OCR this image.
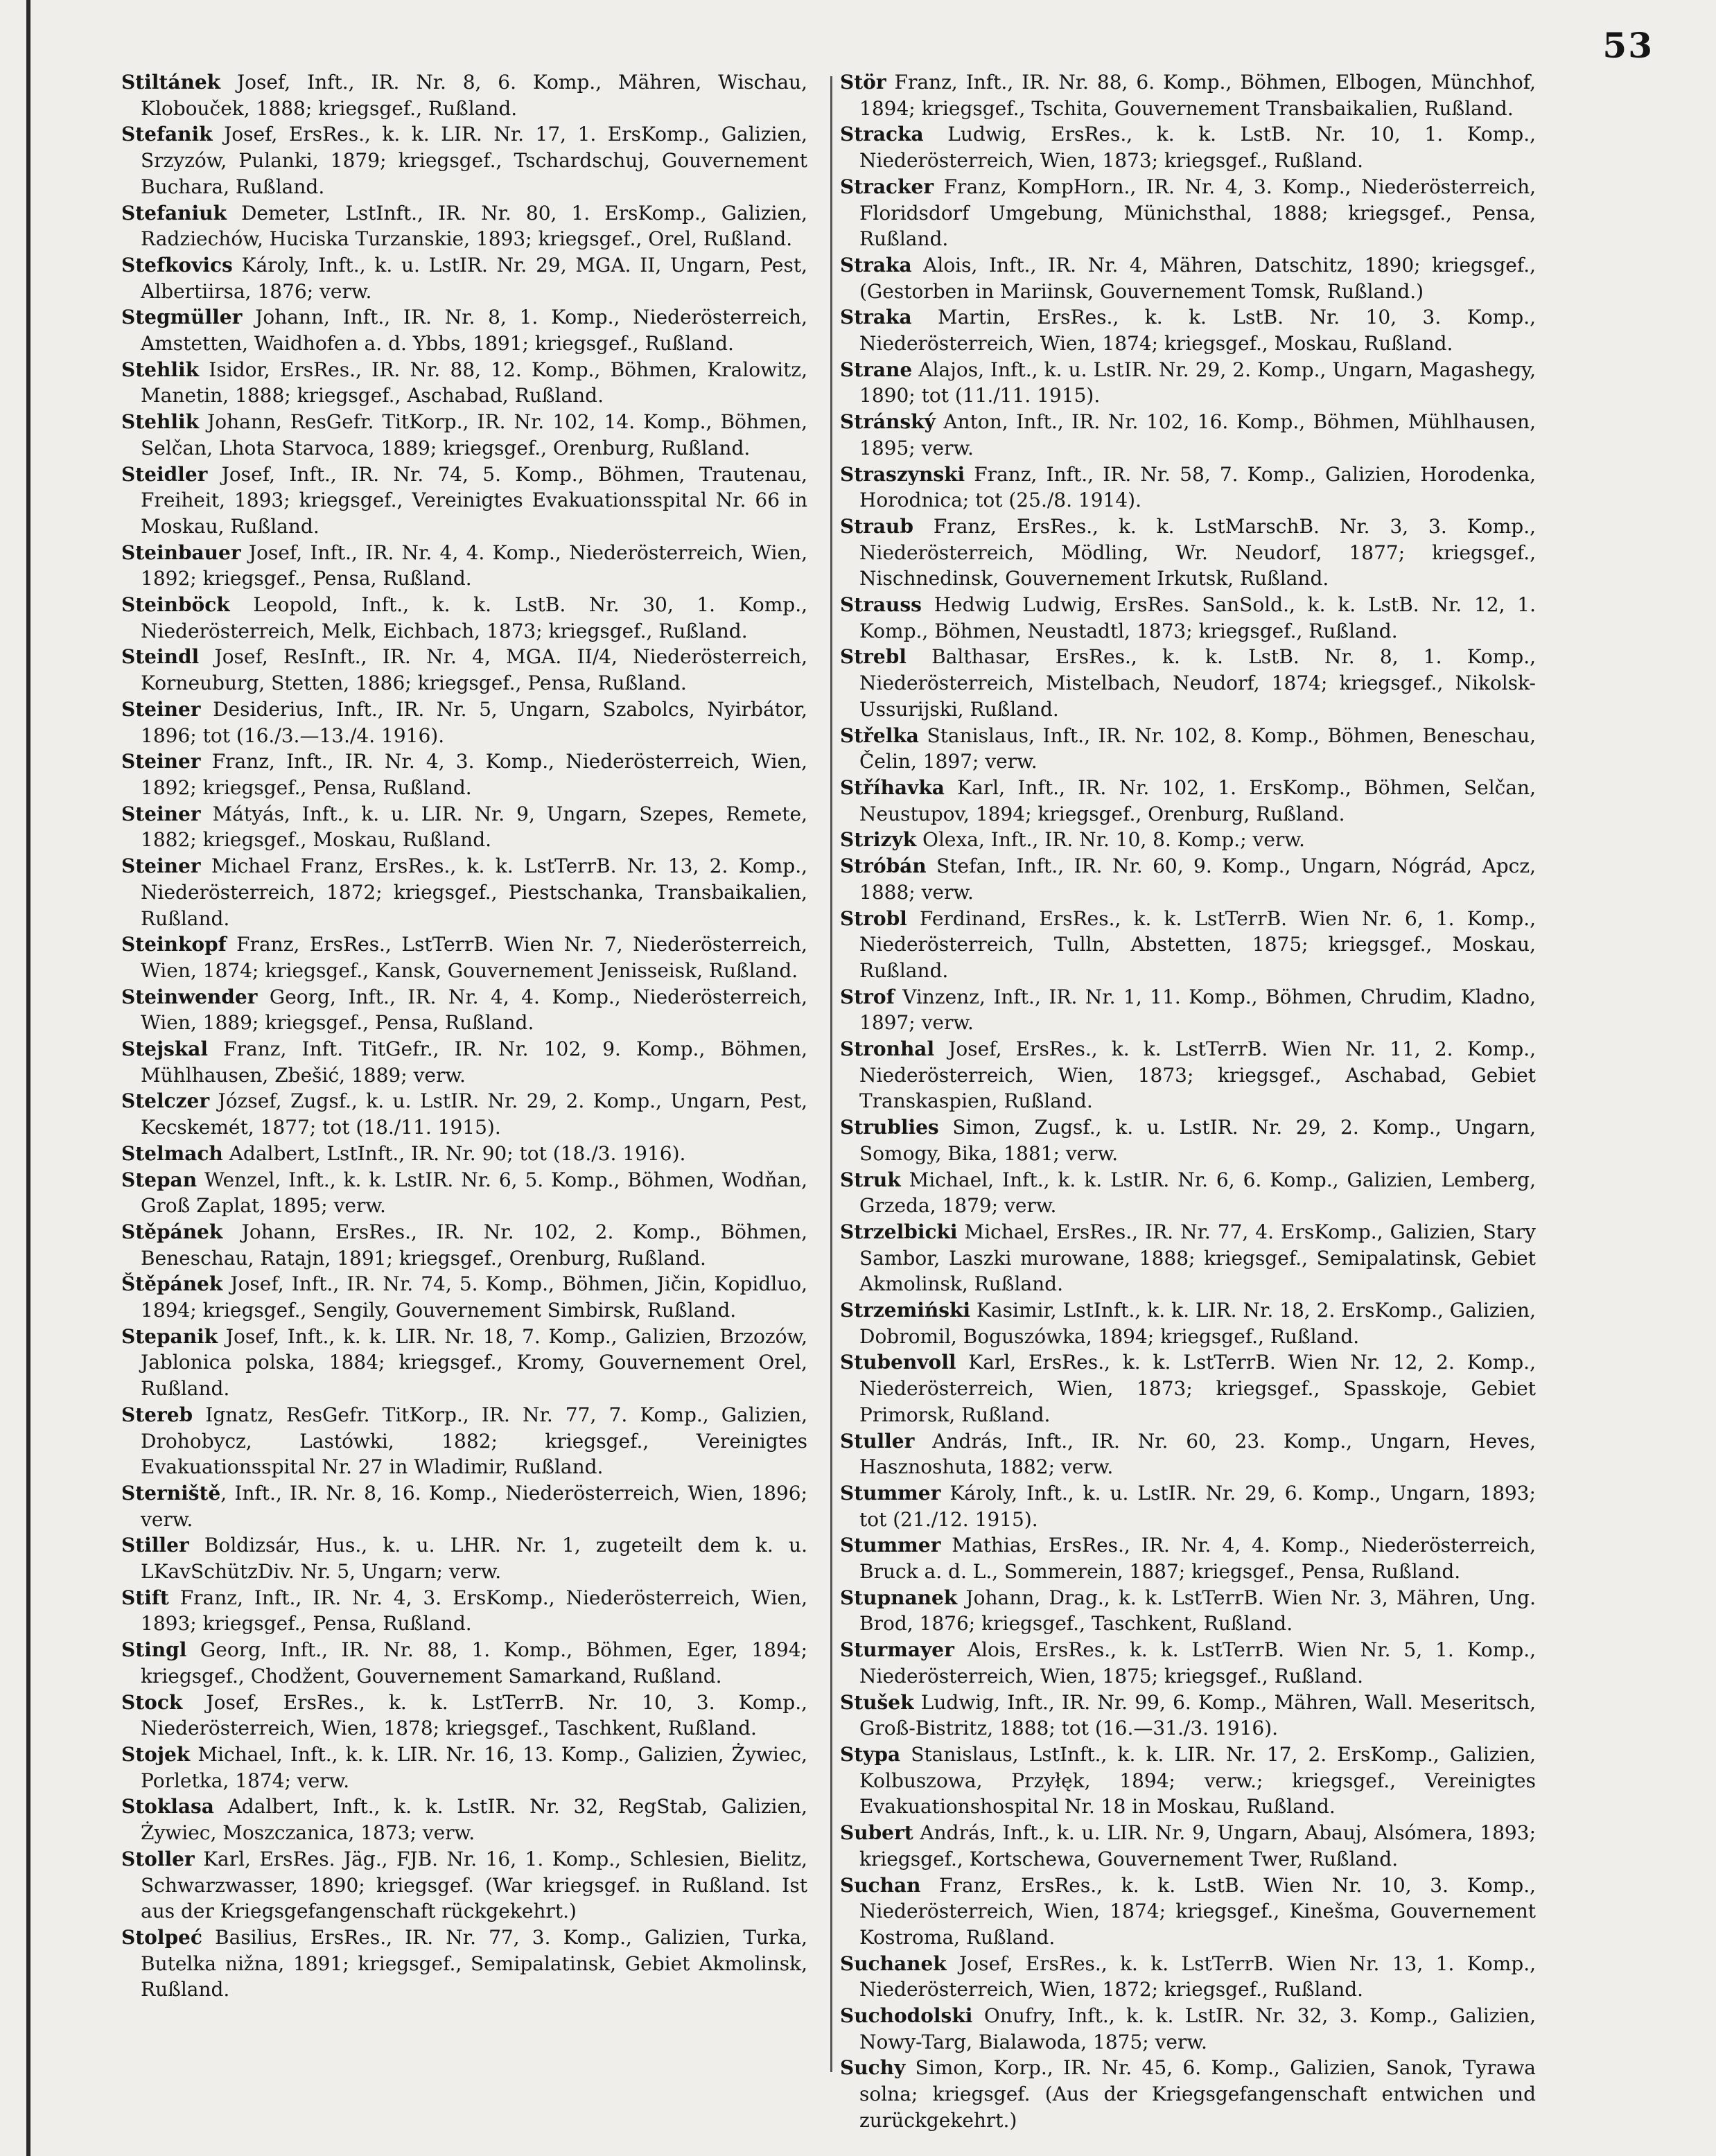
53

Stiltánek Josef, Inft., IR. Nr. 8, 6. Komp., Mähren, Wischau, Klobouček, 1888; kriegsgef., Rußland.

Stefanik Josef, ErsRes., k. k. LIR. Nr. 17, 1. ErsKomp., Galizien, Srzyzów, Pulanki, 1879; kriegsgef., Tschardschuj, Gouvernement Buchara, Rußland.

Stefaniuk Demeter, LstInft., IR. Nr. 80, 1. ErsKomp., Galizien, Radziechów, Huciska Turzanskie, 1893; kriegsgef., Orel, Rußland.

Stefkovics Károly, Inft., k. u. LstIR. Nr. 29, MGA. II, Ungarn, Pest, Albertiirsa, 1876; verw.

Stegmüller Johann, Inft., IR. Nr. 8, 1. Komp., Niederösterreich, Amstetten, Waidhofen a. d. Ybbs, 1891; kriegsgef., Rußland.

Stehlik Isidor, ErsRes., IR. Nr. 88, 12. Komp., Böhmen, Kralowitz, Manetin, 1888; kriegsgef., Aschabad, Rußland.

Stehlik Johann, ResGefr. TitKorp., IR. Nr. 102, 14. Komp., Böhmen, Selčan, Lhota Starvoca, 1889; kriegsgef., Orenburg, Rußland.

Steidler Josef, Inft., IR. Nr. 74, 5. Komp., Böhmen, Trautenau, Freiheit, 1893; kriegsgef., Vereinigtes Evakuationsspital Nr. 66 in Moskau, Rußland.

Steinbauer Josef, Inft., IR. Nr. 4, 4. Komp., Niederösterreich, Wien, 1892; kriegsgef., Pensa, Rußland.

Steinböck Leopold, Inft., k. k. LstB. Nr. 30, 1. Komp., Niederösterreich, Melk, Eichbach, 1873; kriegsgef., Rußland.

Steindl Josef, ResInft., IR. Nr. 4, MGA. II/4, Niederösterreich, Korneuburg, Stetten, 1886; kriegsgef., Pensa, Rußland.

Steiner Desiderius, Inft., IR. Nr. 5, Ungarn, Szabolcs, Nyirbátor, 1896; tot (16./3.—13./4. 1916).

Steiner Franz, Inft., IR. Nr. 4, 3. Komp., Niederösterreich, Wien, 1892; kriegsgef., Pensa, Rußland.

Steiner Mátyás, Inft., k. u. LIR. Nr. 9, Ungarn, Szepes, Remete, 1882; kriegsgef., Moskau, Rußland.

Steiner Michael Franz, ErsRes., k. k. LstTerrB. Nr. 13, 2. Komp., Niederösterreich, 1872; kriegsgef., Piestschanka, Transbaikalien, Rußland.

Steinkopf Franz, ErsRes., LstTerrB. Wien Nr. 7, Niederösterreich, Wien, 1874; kriegsgef., Kansk, Gouvernement Jenisseisk, Rußland.

Steinwender Georg, Inft., IR. Nr. 4, 4. Komp., Niederösterreich, Wien, 1889; kriegsgef., Pensa, Rußland.

Stejskal Franz, Inft. TitGefr., IR. Nr. 102, 9. Komp., Böhmen, Mühlhausen, Zbešić, 1889; verw.

Stelczer József, Zugsf., k. u. LstIR. Nr. 29, 2. Komp., Ungarn, Pest, Kecskemét, 1877; tot (18./11. 1915).

Stelmach Adalbert, LstInft., IR. Nr. 90; tot (18./3. 1916).

Stepan Wenzel, Inft., k. k. LstIR. Nr. 6, 5. Komp., Böhmen, Wodňan, Groß Zaplat, 1895; verw.

Stěpánek Johann, ErsRes., IR. Nr. 102, 2. Komp., Böhmen, Beneschau, Ratajn, 1891; kriegsgef., Orenburg, Rußland.

Štěpánek Josef, Inft., IR. Nr. 74, 5. Komp., Böhmen, Jičin, Kopidluo, 1894; kriegsgef., Sengily, Gouvernement Simbirsk, Rußland.

Stepanik Josef, Inft., k. k. LIR. Nr. 18, 7. Komp., Galizien, Brzozów, Jablonica polska, 1884; kriegsgef., Kromy, Gouvernement Orel, Rußland.

Stereb Ignatz, ResGefr. TitKorp., IR. Nr. 77, 7. Komp., Galizien, Drohobycz, Lastówki, 1882; kriegsgef., Vereinigtes Evakuationsspital Nr. 27 in Wladimir, Rußland.

Sterniště, Inft., IR. Nr. 8, 16. Komp., Niederösterreich, Wien, 1896; verw.

Stiller Boldizsár, Hus., k. u. LHR. Nr. 1, zugeteilt dem k. u. LKavSchützDiv. Nr. 5, Ungarn; verw.

Stift Franz, Inft., IR. Nr. 4, 3. ErsKomp., Niederösterreich, Wien, 1893; kriegsgef., Pensa, Rußland.

Stingl Georg, Inft., IR. Nr. 88, 1. Komp., Böhmen, Eger, 1894; kriegsgef., Chodžent, Gouvernement Samarkand, Rußland.

Stock Josef, ErsRes., k. k. LstTerrB. Nr. 10, 3. Komp., Niederösterreich, Wien, 1878; kriegsgef., Taschkent, Rußland.

Stojek Michael, Inft., k. k. LIR. Nr. 16, 13. Komp., Galizien, Żywiec, Porletka, 1874; verw.

Stoklasa Adalbert, Inft., k. k. LstIR. Nr. 32, RegStab, Galizien, Żywiec, Moszczanica, 1873; verw.

Stoller Karl, ErsRes. Jäg., FJB. Nr. 16, 1. Komp., Schlesien, Bielitz, Schwarzwasser, 1890; kriegsgef. (War kriegsgef. in Rußland. Ist aus der Kriegsgefangenschaft rückgekehrt.)

Stolpeć Basilius, ErsRes., IR. Nr. 77, 3. Komp., Galizien, Turka, Butelka nižna, 1891; kriegsgef., Semipalatinsk, Gebiet Akmolinsk, Rußland.

Stör Franz, Inft., IR. Nr. 88, 6. Komp., Böhmen, Elbogen, Münchhof, 1894; kriegsgef., Tschita, Gouvernement Transbaikalien, Rußland.

Stracka Ludwig, ErsRes., k. k. LstB. Nr. 10, 1. Komp., Niederösterreich, Wien, 1873; kriegsgef., Rußland.

Stracker Franz, KompHorn., IR. Nr. 4, 3. Komp., Niederösterreich, Floridsdorf Umgebung, Münichsthal, 1888; kriegsgef., Pensa, Rußland.

Straka Alois, Inft., IR. Nr. 4, Mähren, Datschitz, 1890; kriegsgef., (Gestorben in Mariinsk, Gouvernement Tomsk, Rußland.)

Straka Martin, ErsRes., k. k. LstB. Nr. 10, 3. Komp., Niederösterreich, Wien, 1874; kriegsgef., Moskau, Rußland.

Strane Alajos, Inft., k. u. LstIR. Nr. 29, 2. Komp., Ungarn, Magashegy, 1890; tot (11./11. 1915).

Stránský Anton, Inft., IR. Nr. 102, 16. Komp., Böhmen, Mühlhausen, 1895; verw.

Straszynski Franz, Inft., IR. Nr. 58, 7. Komp., Galizien, Horodenka, Horodnica; tot (25./8. 1914).

Straub Franz, ErsRes., k. k. LstMarschB. Nr. 3, 3. Komp., Niederösterreich, Mödling, Wr. Neudorf, 1877; kriegsgef., Nischnedinsk, Gouvernement Irkutsk, Rußland.

Strauss Hedwig Ludwig, ErsRes. SanSold., k. k. LstB. Nr. 12, 1. Komp., Böhmen, Neustadtl, 1873; kriegsgef., Rußland.

Strebl Balthasar, ErsRes., k. k. LstB. Nr. 8, 1. Komp., Niederösterreich, Mistelbach, Neudorf, 1874; kriegsgef., Nikolsk-Ussurijski, Rußland.

Střelka Stanislaus, Inft., IR. Nr. 102, 8. Komp., Böhmen, Beneschau, Čelin, 1897; verw.

Stříhavka Karl, Inft., IR. Nr. 102, 1. ErsKomp., Böhmen, Selčan, Neustupov, 1894; kriegsgef., Orenburg, Rußland.

Strizyk Olexa, Inft., IR. Nr. 10, 8. Komp.; verw.

Stróbán Stefan, Inft., IR. Nr. 60, 9. Komp., Ungarn, Nógrád, Apcz, 1888; verw.

Strobl Ferdinand, ErsRes., k. k. LstTerrB. Wien Nr. 6, 1. Komp., Niederösterreich, Tulln, Abstetten, 1875; kriegsgef., Moskau, Rußland.

Strof Vinzenz, Inft., IR. Nr. 1, 11. Komp., Böhmen, Chrudim, Kladno, 1897; verw.

Stronhal Josef, ErsRes., k. k. LstTerrB. Wien Nr. 11, 2. Komp., Niederösterreich, Wien, 1873; kriegsgef., Aschabad, Gebiet Transkaspien, Rußland.

Strublies Simon, Zugsf., k. u. LstIR. Nr. 29, 2. Komp., Ungarn, Somogy, Bika, 1881; verw.

Struk Michael, Inft., k. k. LstIR. Nr. 6, 6. Komp., Galizien, Lemberg, Grzeda, 1879; verw.

Strzelbicki Michael, ErsRes., IR. Nr. 77, 4. ErsKomp., Galizien, Stary Sambor, Laszki murowane, 1888; kriegsgef., Semipalatinsk, Gebiet Akmolinsk, Rußland.

Strzemiński Kasimir, LstInft., k. k. LIR. Nr. 18, 2. ErsKomp., Galizien, Dobromil, Boguszówka, 1894; kriegsgef., Rußland.

Stubenvoll Karl, ErsRes., k. k. LstTerrB. Wien Nr. 12, 2. Komp., Niederösterreich, Wien, 1873; kriegsgef., Spasskoje, Gebiet Primorsk, Rußland.

Stuller András, Inft., IR. Nr. 60, 23. Komp., Ungarn, Heves, Hasznoshuta, 1882; verw.

Stummer Károly, Inft., k. u. LstIR. Nr. 29, 6. Komp., Ungarn, 1893; tot (21./12. 1915).

Stummer Mathias, ErsRes., IR. Nr. 4, 4. Komp., Niederösterreich, Bruck a. d. L., Sommerein, 1887; kriegsgef., Pensa, Rußland.

Stupnanek Johann, Drag., k. k. LstTerrB. Wien Nr. 3, Mähren, Ung. Brod, 1876; kriegsgef., Taschkent, Rußland.

Sturmayer Alois, ErsRes., k. k. LstTerrB. Wien Nr. 5, 1. Komp., Niederösterreich, Wien, 1875; kriegsgef., Rußland.

Stušek Ludwig, Inft., IR. Nr. 99, 6. Komp., Mähren, Wall. Meseritsch, Groß-Bistritz, 1888; tot (16.—31./3. 1916).

Stypa Stanislaus, LstInft., k. k. LIR. Nr. 17, 2. ErsKomp., Galizien, Kolbuszowa, Przyłęk, 1894; verw.; kriegsgef., Vereinigtes Evakuationshospital Nr. 18 in Moskau, Rußland.

Subert András, Inft., k. u. LIR. Nr. 9, Ungarn, Abauj, Alsómera, 1893; kriegsgef., Kortschewa, Gouvernement Twer, Rußland.

Suchan Franz, ErsRes., k. k. LstB. Wien Nr. 10, 3. Komp., Niederösterreich, Wien, 1874; kriegsgef., Kinešma, Gouvernement Kostroma, Rußland.

Suchanek Josef, ErsRes., k. k. LstTerrB. Wien Nr. 13, 1. Komp., Niederösterreich, Wien, 1872; kriegsgef., Rußland.

Suchodolski Onufry, Inft., k. k. LstIR. Nr. 32, 3. Komp., Galizien, Nowy-Targ, Bialawoda, 1875; verw.

Suchy Simon, Korp., IR. Nr. 45, 6. Komp., Galizien, Sanok, Tyrawa solna; kriegsgef. (Aus der Kriegsgefangenschaft entwichen und zurückgekehrt.)
